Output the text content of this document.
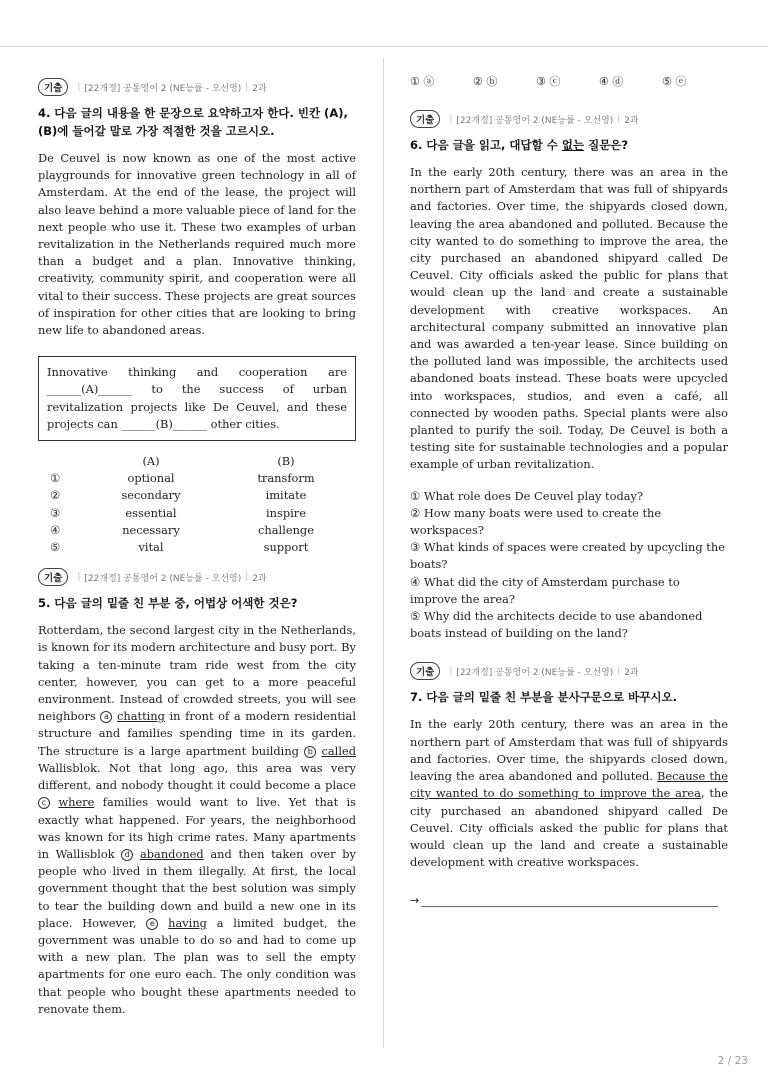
기출	| [22개정] 공통영어 2 (NE능률 - 오선영) | 2과
4. 다음 글의 내용을 한 문장으로 요약하고자 한다. 빈칸 (A), (B)에 들어갈 말로 가장 적절한 것을 고르시오.
De Ceuvel is now known as one of the most active playgrounds for innovative green technology in all of Amsterdam. At the end of the lease, the project will also leave behind a more valuable piece of land for the next people who use it. These two examples of urban revitalization in the Netherlands required much more than a budget and a plan. Innovative thinking, creativity, community spirit, and cooperation were all vital to their success. These projects are great sources of inspiration for other cities that are looking to bring new life to abandoned areas.
Innovative thinking and cooperation are ______(A)______ to the success of urban revitalization projects like De Ceuvel, and these projects can ______(B)______ other cities.
(A)	(B)
①	optional	transform
②	secondary	imitate
③	essential	inspire
④	necessary	challenge
⑤	vital	support
기출	| [22개정] 공통영어 2 (NE능률 - 오선영) | 2과
5. 다음 글의 밑줄 친 부분 중, 어법상 어색한 것은?
Rotterdam, the second largest city in the Netherlands, is known for its modern architecture and busy port. By taking a ten-minute tram ride west from the city center, however, you can get to a more peaceful environment. Instead of crowded streets, you will see neighbors a chatting in front of a modern residential structure and families spending time in its garden. The structure is a large apartment building b called Wallisblok. Not that long ago, this area was very different, and nobody thought it could become a place c where families would want to live. Yet that is exactly what happened. For years, the neighborhood was known for its high crime rates. Many apartments in Wallisblok d abandoned and then taken over by people who lived in them illegally. At first, the local government thought that the best solution was simply to tear the building down and build a new one in its place. However, e having a limited budget, the government was unable to do so and had to come up with a new plan. The plan was to sell the empty apartments for one euro each. The only condition was that people who bought these apartments needed to renovate them.
① ⓐ	② ⓑ	③ ⓒ	④ ⓓ	⑤ ⓔ
기출	| [22개정] 공통영어 2 (NE능률 - 오선영) | 2과
6. 다음 글을 읽고, 대답할 수 없는 질문은?
In the early 20th century, there was an area in the northern part of Amsterdam that was full of shipyards and factories. Over time, the shipyards closed down, leaving the area abandoned and polluted. Because the city wanted to do something to improve the area, the city purchased an abandoned shipyard called De Ceuvel. City officials asked the public for plans that would clean up the land and create a sustainable development with creative workspaces. An architectural company submitted an innovative plan and was awarded a ten-year lease. Since building on the polluted land was impossible, the architects used abandoned boats instead. These boats were upcycled into workspaces, studios, and even a café, all connected by wooden paths. Special plants were also planted to purify the soil. Today, De Ceuvel is both a testing site for sustainable technologies and a popular example of urban revitalization.
① What role does De Ceuvel play today?
② How many boats were used to create the workspaces?
③ What kinds of spaces were created by upcycling the boats?
④ What did the city of Amsterdam purchase to improve the area?
⑤ Why did the architects decide to use abandoned boats instead of building on the land?
기출	| [22개정] 공통영어 2 (NE능률 - 오선영) | 2과
7. 다음 글의 밑줄 친 부분을 분사구문으로 바꾸시오.
In the early 20th century, there was an area in the northern part of Amsterdam that was full of shipyards and factories. Over time, the shipyards closed down, leaving the area abandoned and polluted. Because the city wanted to do something to improve the area, the city purchased an abandoned shipyard called De Ceuvel. City officials asked the public for plans that would clean up the land and create a sustainable development with creative workspaces.
→
2 / 23
